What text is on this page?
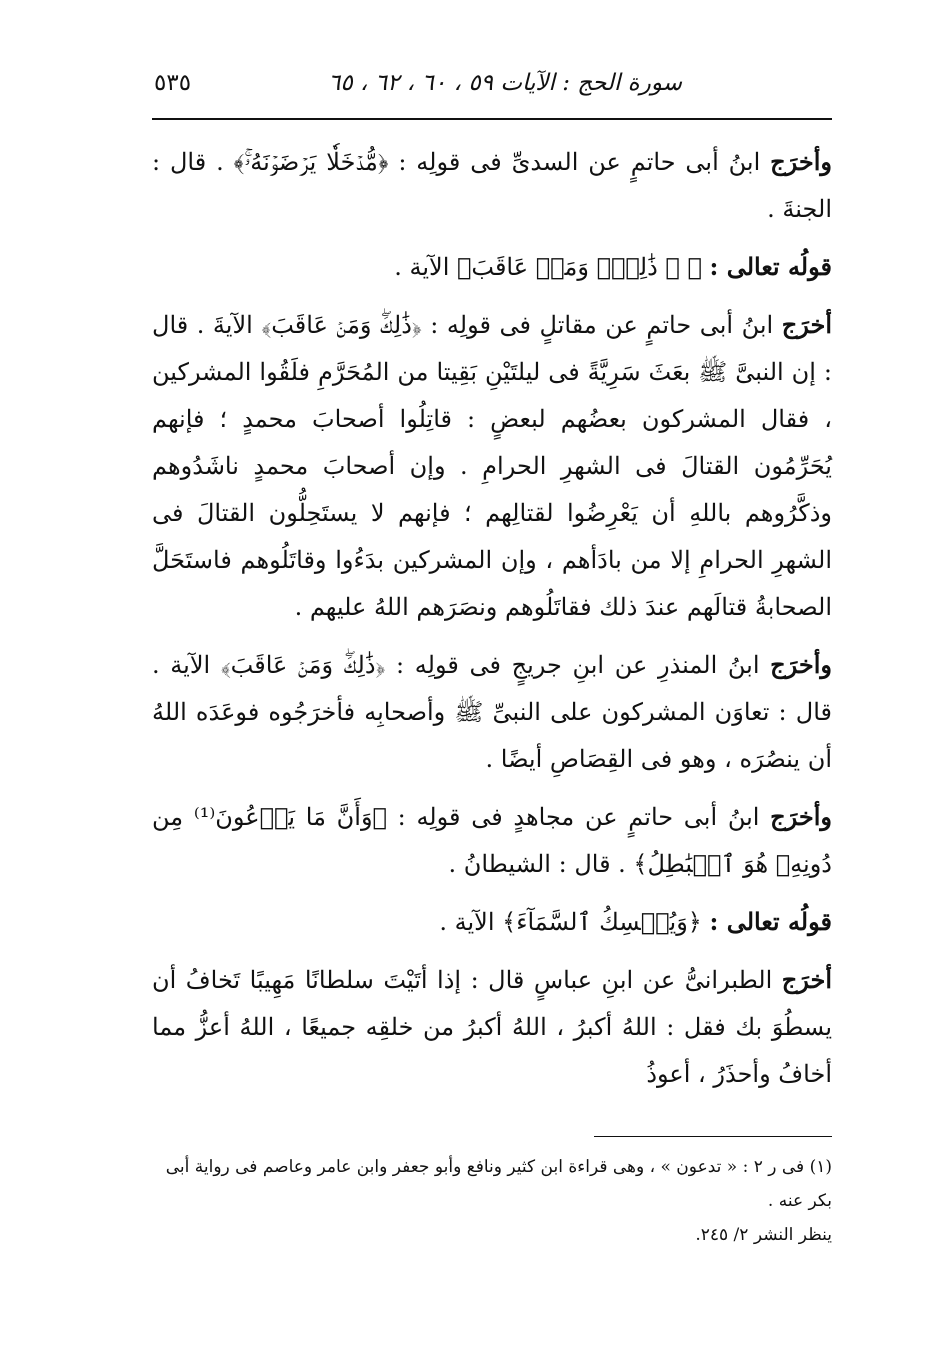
سورة الحج : الآيات ٥٩ ، ٦٠ ، ٦٢ ، ٦٥
٥٣٥

وأخرَج ابنُ أبى حاتمٍ عن السدىِّ فى قولِه : ﴿مُّدۡخَلٗا يَرۡضَوۡنَهُۥۚ﴾ . قال : الجنةَ .

قولُه تعالى : ﴿ ۞ ذَٰلِكَۖ وَمَنۡ عَاقَبَ﴾ الآية .

أخرَج ابنُ أبى حاتمٍ عن مقاتلٍ فى قولِه : ﴿ذَٰلِكَۖ وَمَنۡ عَاقَبَ﴾ الآيةَ . قال : إن النبىَّ ﷺ بعَثَ سَرِيَّةً فى ليلتَيْنِ بَقِيتا من المُحَرَّمِ فلَقُوا المشركين ، فقال المشركون بعضُهم لبعضٍ : قاتِلُوا أصحابَ محمدٍ ؛ فإنهم يُحَرِّمُون القتالَ فى الشهرِ الحرامِ . وإن أصحابَ محمدٍ ناشَدُوهم وذكَّرُوهم باللهِ أن يَعْرِضُوا لقتالِهم ؛ فإنهم لا يستَحِلُّون القتالَ فى الشهرِ الحرامِ إلا من بادَأهم ، وإن المشركين بدَءُوا وقاتَلُوهم فاستَحَلَّ الصحابةُ قتالَهم عندَ ذلك فقاتَلُوهم ونصَرَهم اللهُ عليهم .

وأخرَج ابنُ المنذرِ عن ابنِ جريجٍ فى قولِه : ﴿ذَٰلِكَۖ وَمَنۡ عَاقَبَ﴾ الآية . قال : تعاوَن المشركون على النبىِّ ﷺ وأصحابِه فأخرَجُوه فوعَدَه اللهُ أن ينصُرَه ، وهو فى القِصَاصِ أيضًا .

وأخرَج ابنُ أبى حاتمٍ عن مجاهدٍ فى قولِه : ﴿وَأَنَّ مَا يَدۡعُونَ⁽¹⁾ مِن دُونِهِۦ هُوَ ٱلۡبَٰطِلُ﴾ . قال : الشيطانُ .

قولُه تعالى : ﴿وَيُمۡسِكُ ٱلسَّمَآءَ﴾ الآية .

أخرَج الطبرانىُّ عن ابنِ عباسٍ قال : إذا أتَيْتَ سلطانًا مَهِيبًا تَخافُ أن يسطُوَ بك فقل : اللهُ أكبرُ ، اللهُ أكبرُ من خلقِه جميعًا ، اللهُ أعزُّ مما أخافُ وأحذَرُ ، أعوذُ

(١) فى ر ٢ : « تدعون » ، وهى قراءة ابن كثير ونافع وأبو جعفر وابن عامر وعاصم فى رواية أبى بكر عنه .

ينظر النشر ٢/ ٢٤٥.
